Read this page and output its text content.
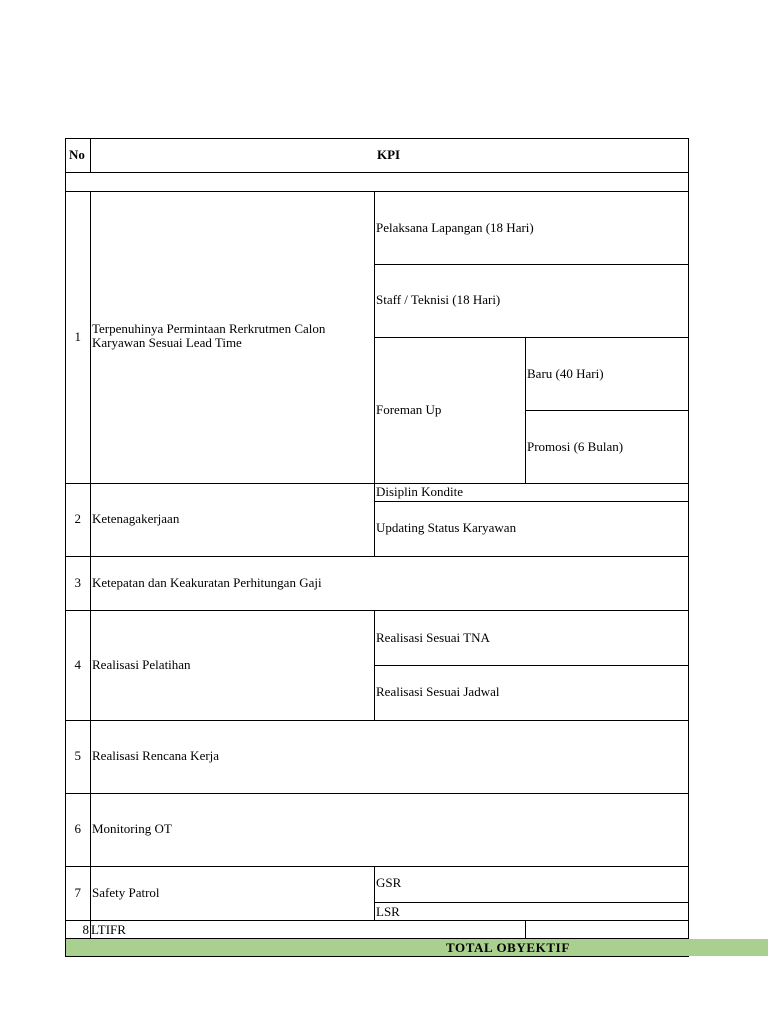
No	KPI
1
Terpenuhinya Permintaan Rerkrutmen Calon Karyawan Sesuai Lead Time
Pelaksana Lapangan (18 Hari)
Staff / Teknisi (18 Hari)
Foreman Up
Baru (40 Hari)
Promosi (6 Bulan)
2 Ketenagakerjaan
Disiplin Kondite
Updating Status Karyawan
3 Ketepatan dan Keakuratan Perhitungan Gaji
4 Realisasi Pelatihan
Realisasi Sesuai TNA
Realisasi Sesuai Jadwal
5 Realisasi Rencana Kerja
6 Monitoring OT
7 Safety Patrol
GSR
LSR
8 LTIFR
TOTAL OBYEKTIF
